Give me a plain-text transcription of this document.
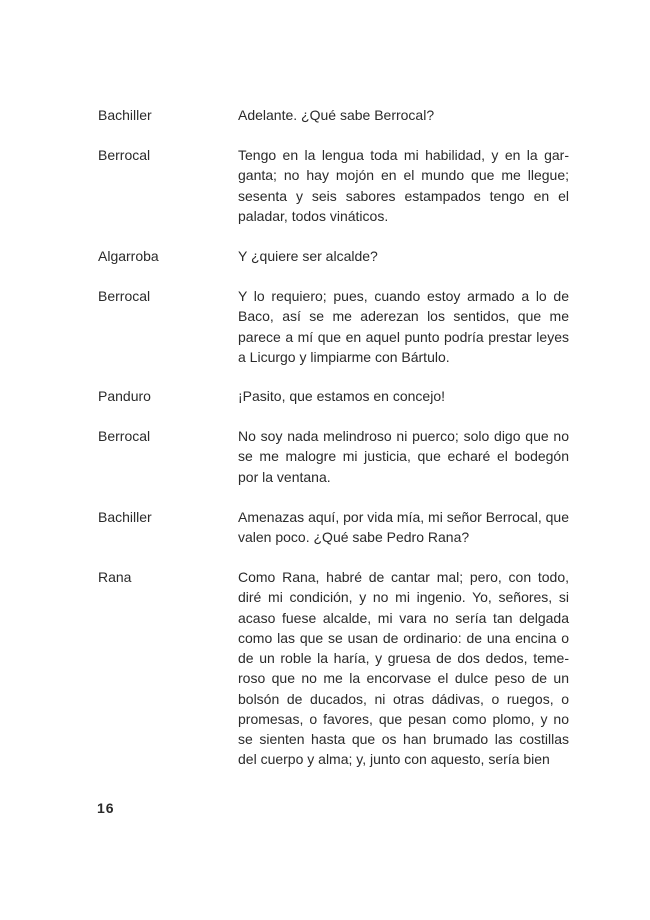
Bachiller	Adelante. ¿Qué sabe Berrocal?
Berrocal	Tengo en la lengua toda mi habilidad, y en la garganta; no hay mojón en el mundo que me llegue; sesenta y seis sabores estampados tengo en el paladar, todos vináticos.
Algarroba	Y ¿quiere ser alcalde?
Berrocal	Y lo requiero; pues, cuando estoy armado a lo de Baco, así se me aderezan los sentidos, que me parece a mí que en aquel punto podría prestar leyes a Licurgo y limpiarme con Bártulo.
Panduro	¡Pasito, que estamos en concejo!
Berrocal	No soy nada melindroso ni puerco; solo digo que no se me malogre mi justicia, que echaré el bodegón por la ventana.
Bachiller	Amenazas aquí, por vida mía, mi señor Berrocal, que valen poco. ¿Qué sabe Pedro Rana?
Rana	Como Rana, habré de cantar mal; pero, con todo, diré mi condición, y no mi ingenio. Yo, señores, si acaso fuese alcalde, mi vara no sería tan delgada como las que se usan de ordinario: de una encina o de un roble la haría, y gruesa de dos dedos, temeroso que no me la encorvase el dulce peso de un bolsón de ducados, ni otras dádivas, o ruegos, o promesas, o favores, que pesan como plomo, y no se sienten hasta que os han brumado las costillas del cuerpo y alma; y, junto con aquesto, sería bien
16
